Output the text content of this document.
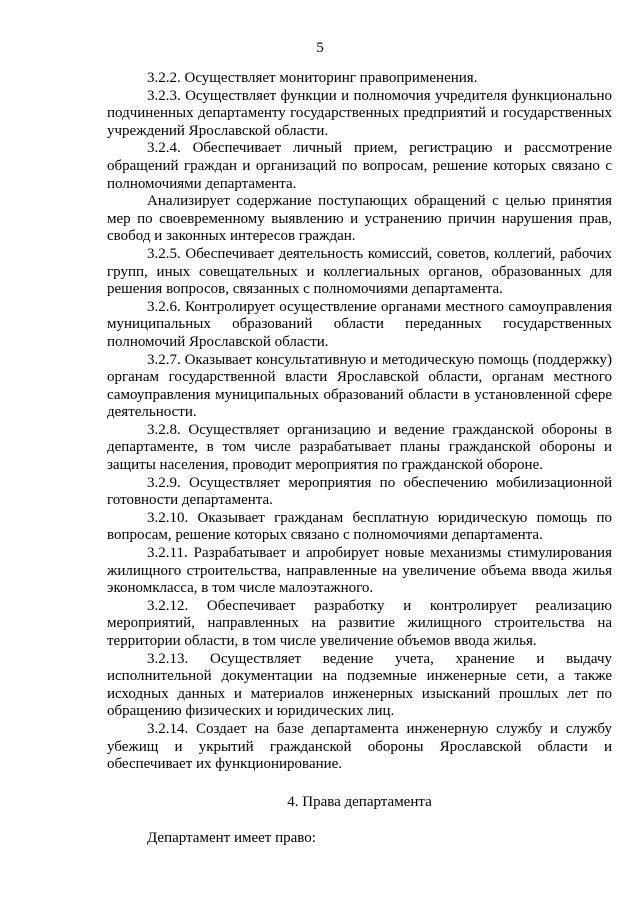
5

3.2.2. Осуществляет мониторинг правоприменения.

3.2.3. Осуществляет функции и полномочия учредителя функционально подчиненных департаменту государственных предприятий и государственных учреждений Ярославской области.

3.2.4. Обеспечивает личный прием, регистрацию и рассмотрение обращений граждан и организаций по вопросам, решение которых связано с полномочиями департамента.

Анализирует содержание поступающих обращений с целью принятия мер по своевременному выявлению и устранению причин нарушения прав, свобод и законных интересов граждан.

3.2.5. Обеспечивает деятельность комиссий, советов, коллегий, рабочих групп, иных совещательных и коллегиальных органов, образованных для решения вопросов, связанных с полномочиями департамента.

3.2.6. Контролирует осуществление органами местного самоуправления муниципальных образований области переданных государственных полномочий Ярославской области.

3.2.7. Оказывает консультативную и методическую помощь (поддержку) органам государственной власти Ярославской области, органам местного самоуправления муниципальных образований области в установленной сфере деятельности.

3.2.8. Осуществляет организацию и ведение гражданской обороны в департаменте, в том числе разрабатывает планы гражданской обороны и защиты населения, проводит мероприятия по гражданской обороне.

3.2.9. Осуществляет мероприятия по обеспечению мобилизационной готовности департамента.

3.2.10. Оказывает гражданам бесплатную юридическую помощь по вопросам, решение которых связано с полномочиями департамента.

3.2.11. Разрабатывает и апробирует новые механизмы стимулирования жилищного строительства, направленные на увеличение объема ввода жилья экономкласса, в том числе малоэтажного.

3.2.12. Обеспечивает разработку и контролирует реализацию мероприятий, направленных на развитие жилищного строительства на территории области, в том числе увеличение объемов ввода жилья.

3.2.13. Осуществляет ведение учета, хранение и выдачу исполнительной документации на подземные инженерные сети, а также исходных данных и материалов инженерных изысканий прошлых лет по обращению физических и юридических лиц.

3.2.14. Создает на базе департамента инженерную службу и службу убежищ и укрытий гражданской обороны Ярославской области и обеспечивает их функционирование.

4. Права департамента

Департамент имеет право:
